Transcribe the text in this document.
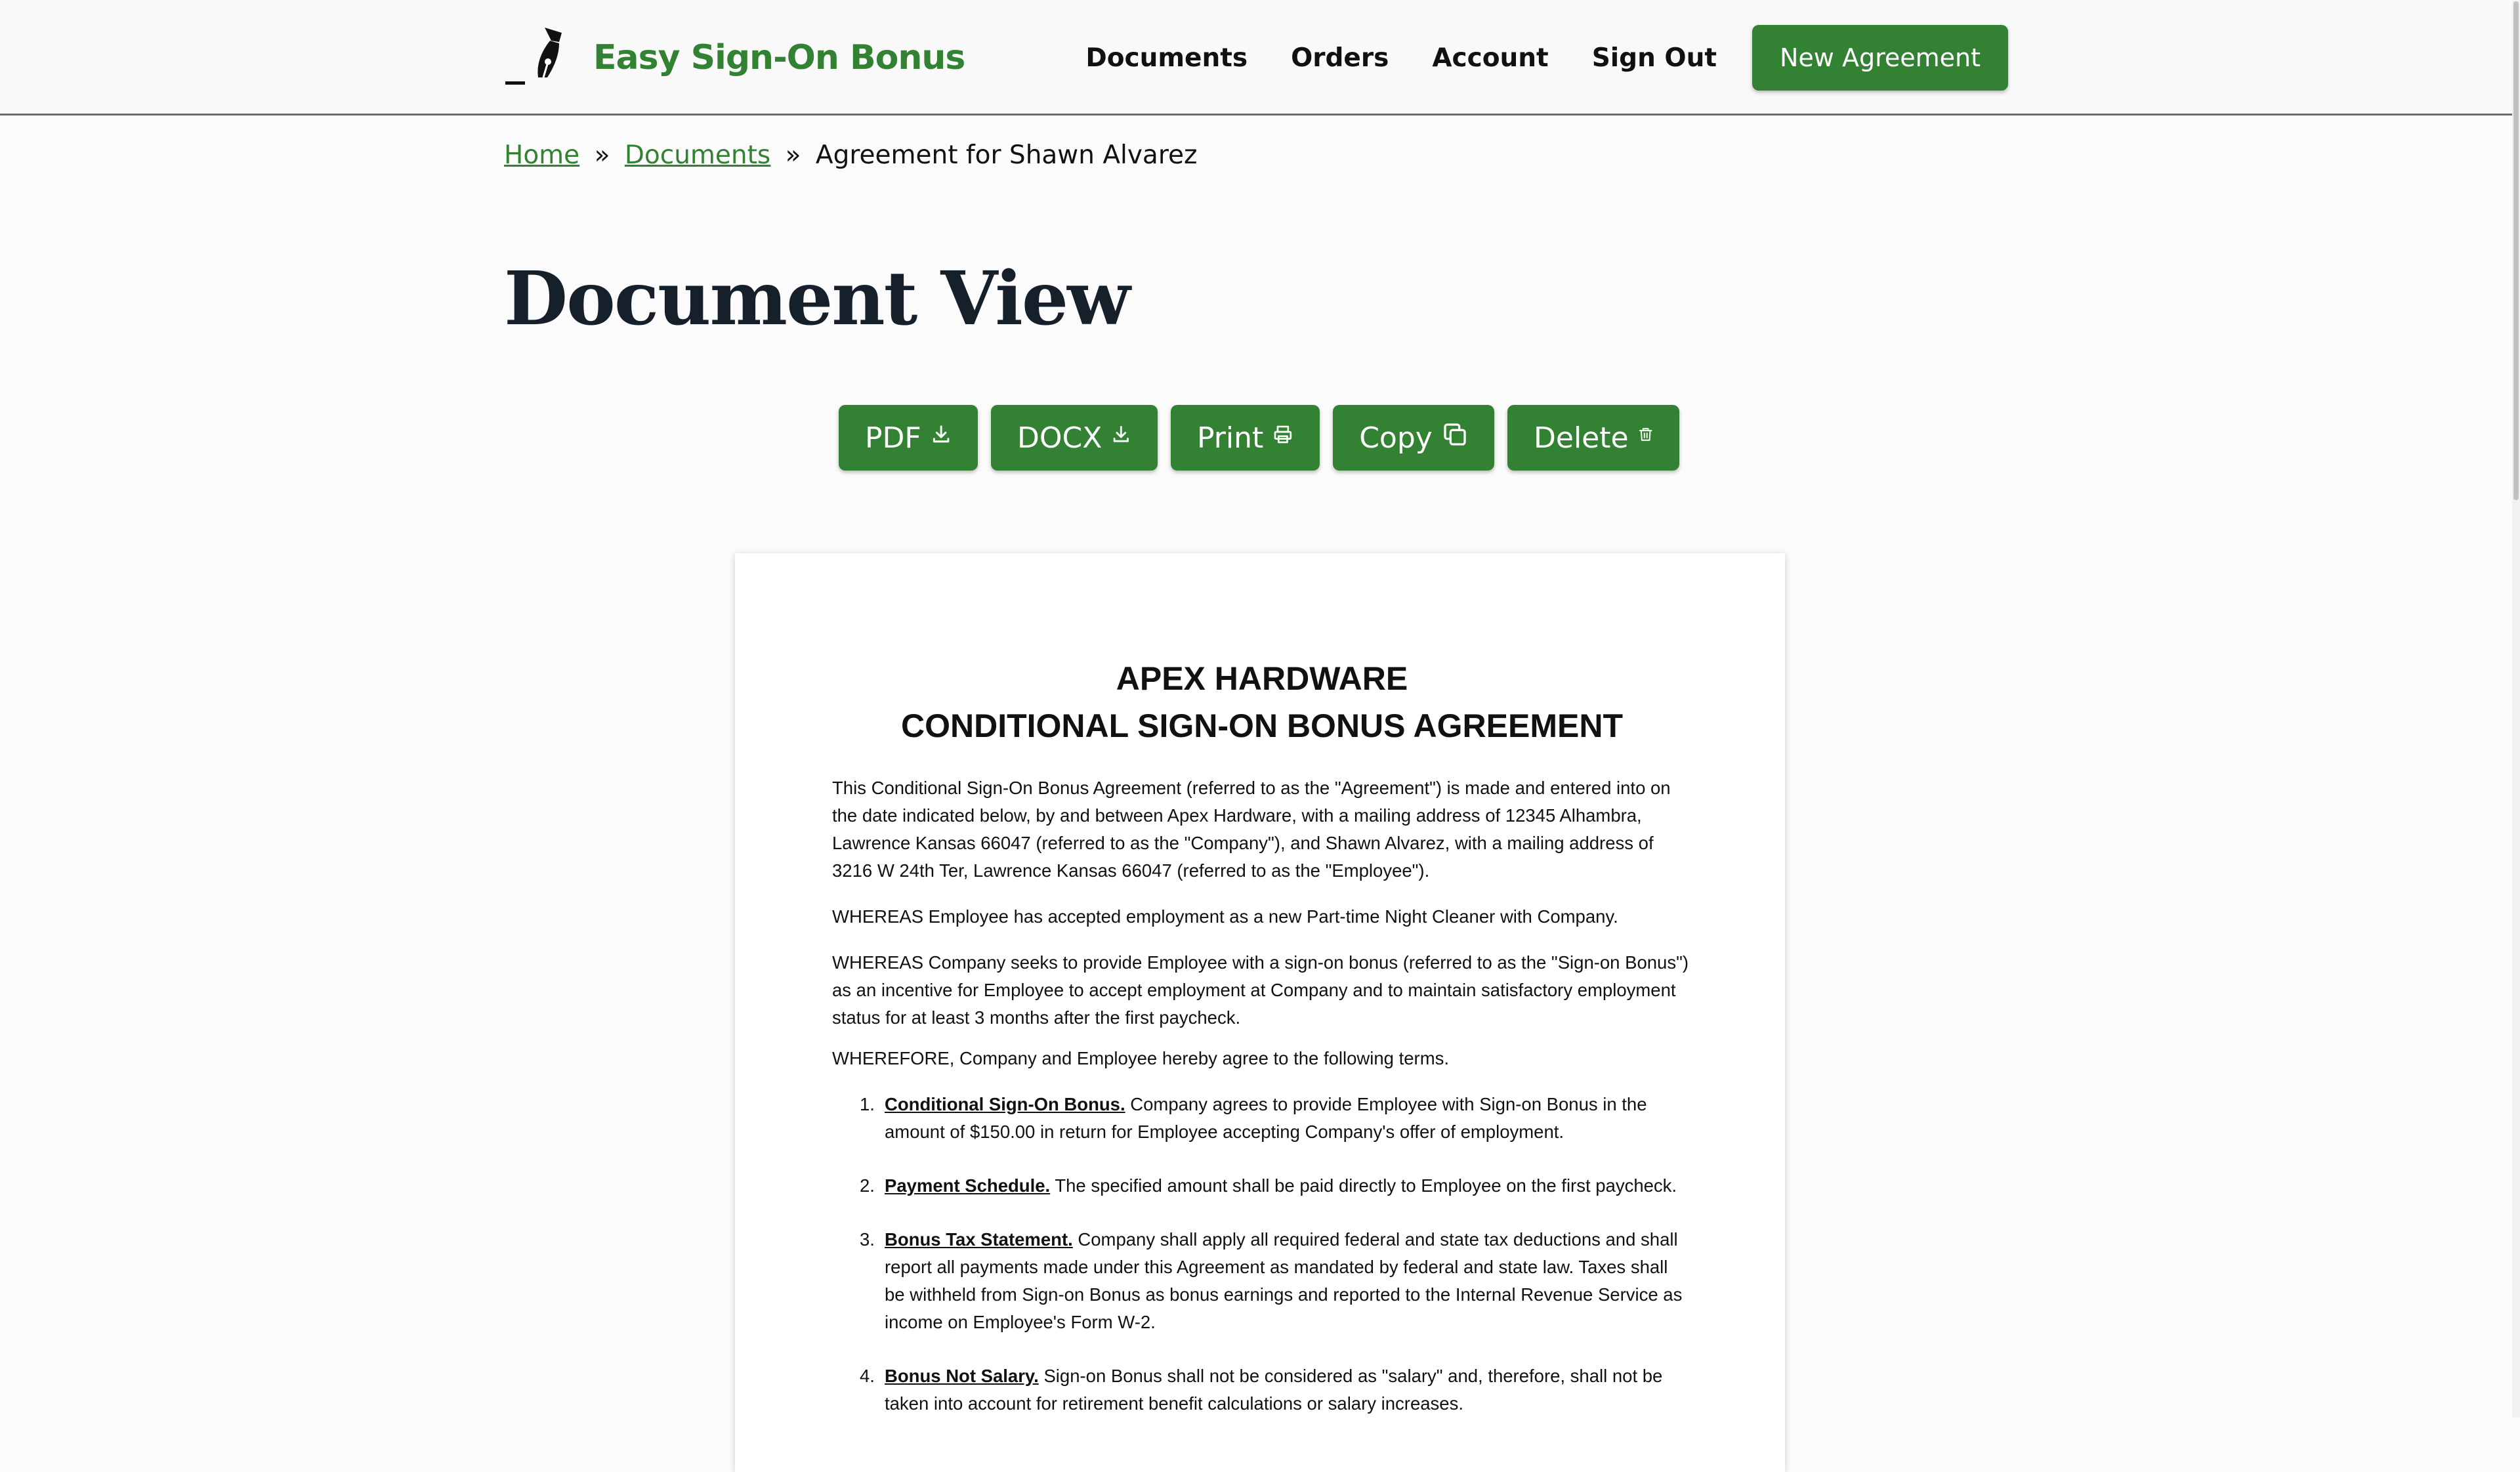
Easy Sign-On Bonus	Documents Orders Account Sign Out	New Agreement
Home » Documents » Agreement for Shawn Alvarez
Document View
PDF	DOCX	Print	Copy	Delete

APEX HARDWARE

CONDITIONAL SIGN-ON BONUS AGREEMENT

This Conditional Sign-On Bonus Agreement (referred to as the "Agreement") is made and entered into on the date indicated below, by and between Apex Hardware, with a mailing address of 12345 Alhambra, Lawrence Kansas 66047 (referred to as the "Company"), and Shawn Alvarez, with a mailing address of 3216 W 24th Ter, Lawrence Kansas 66047 (referred to as the "Employee").

WHEREAS Employee has accepted employment as a new Part-time Night Cleaner with Company.

WHEREAS Company seeks to provide Employee with a sign-on bonus (referred to as the "Sign-on Bonus") as an incentive for Employee to accept employment at Company and to maintain satisfactory employment status for at least 3 months after the first paycheck.

WHEREFORE, Company and Employee hereby agree to the following terms.

1. Conditional Sign-On Bonus. Company agrees to provide Employee with Sign-on Bonus in the amount of $150.00 in return for Employee accepting Company's offer of employment.
2. Payment Schedule. The specified amount shall be paid directly to Employee on the first paycheck.
3. Bonus Tax Statement. Company shall apply all required federal and state tax deductions and shall report all payments made under this Agreement as mandated by federal and state law. Taxes shall be withheld from Sign-on Bonus as bonus earnings and reported to the Internal Revenue Service as income on Employee's Form W-2.
4. Bonus Not Salary. Sign-on Bonus shall not be considered as "salary" and, therefore, shall not be taken into account for retirement benefit calculations or salary increases.
